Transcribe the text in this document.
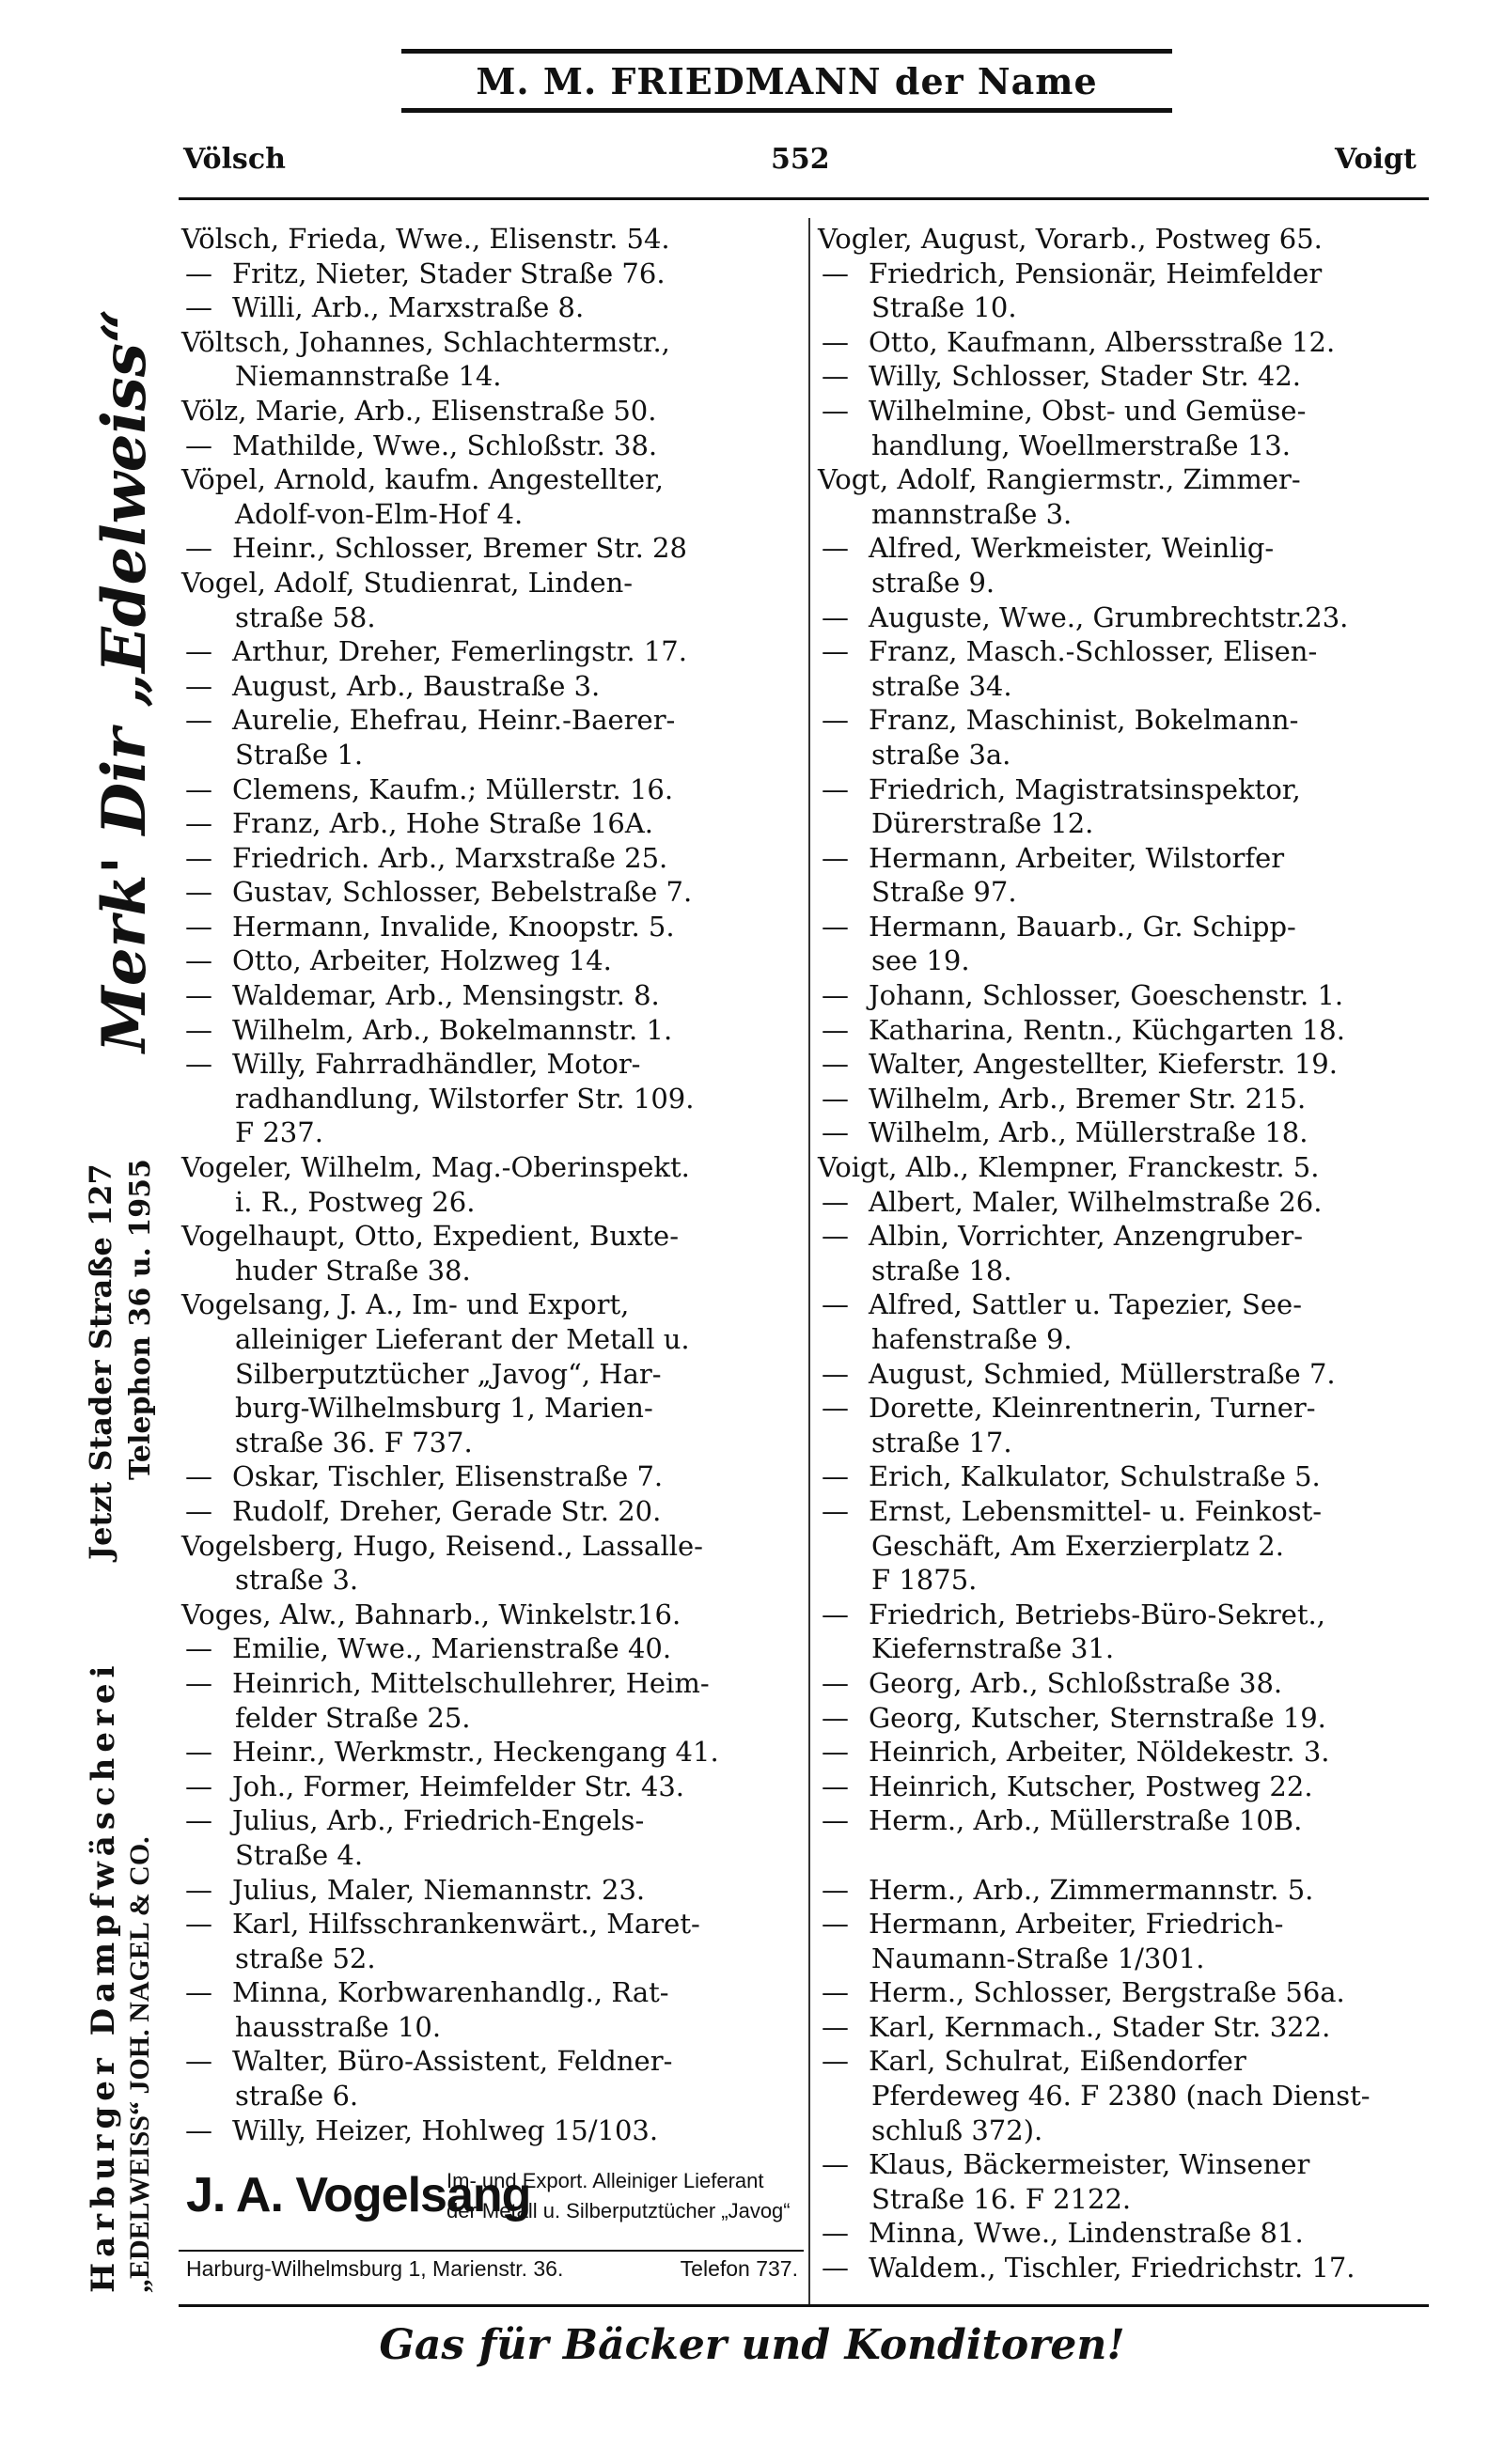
M. M. FRIEDMANN der Name
Völsch	552	Voigt
Merk' Dir „Edelweiss“
Jetzt Stader Straße 127 Telephon 36 u. 1955
Harburger Dampfwäscherei „EDELWEISS“ JOH. NAGEL & CO.
Völsch, Frieda, Wwe., Elisenstr. 54.
— Fritz, Nieter, Stader Straße 76.
— Willi, Arb., Marxstraße 8.
Völtsch, Johannes, Schlachtermstr.,
Niemannstraße 14.
Völz, Marie, Arb., Elisenstraße 50.
— Mathilde, Wwe., Schloßstr. 38.
Vöpel, Arnold, kaufm. Angestellter,
Adolf-von-Elm-Hof 4.
— Heinr., Schlosser, Bremer Str. 28
Vogel, Adolf, Studienrat, Linden-
straße 58.
— Arthur, Dreher, Femerlingstr. 17.
— August, Arb., Baustraße 3.
— Aurelie, Ehefrau, Heinr.-Baerer-
Straße 1.
— Clemens, Kaufm.; Müllerstr. 16.
— Franz, Arb., Hohe Straße 16A.
— Friedrich. Arb., Marxstraße 25.
— Gustav, Schlosser, Bebelstraße 7.
— Hermann, Invalide, Knoopstr. 5.
— Otto, Arbeiter, Holzweg 14.
— Waldemar, Arb., Mensingstr. 8.
— Wilhelm, Arb., Bokelmannstr. 1.
— Willy, Fahrradhändler, Motor-
radhandlung, Wilstorfer Str. 109.
F 237.
Vogeler, Wilhelm, Mag.-Oberinspekt.
i. R., Postweg 26.
Vogelhaupt, Otto, Expedient, Buxte-
huder Straße 38.
Vogelsang, J. A., Im- und Export,
alleiniger Lieferant der Metall u.
Silberputztücher „Javog“, Har-
burg-Wilhelmsburg 1, Marien-
straße 36. F 737.
— Oskar, Tischler, Elisenstraße 7.
— Rudolf, Dreher, Gerade Str. 20.
Vogelsberg, Hugo, Reisend., Lassalle-
straße 3.
Voges, Alw., Bahnarb., Winkelstr.16.
— Emilie, Wwe., Marienstraße 40.
— Heinrich, Mittelschullehrer, Heim-
felder Straße 25.
— Heinr., Werkmstr., Heckengang 41.
— Joh., Former, Heimfelder Str. 43.
— Julius, Arb., Friedrich-Engels-
Straße 4.
— Julius, Maler, Niemannstr. 23.
— Karl, Hilfsschrankenwärt., Maret-
straße 52.
— Minna, Korbwarenhandlg., Rat-
hausstraße 10.
— Walter, Büro-Assistent, Feldner-
straße 6.
— Willy, Heizer, Hohlweg 15/103.
Vogler, August, Vorarb., Postweg 65.
— Friedrich, Pensionär, Heimfelder
Straße 10.
— Otto, Kaufmann, Albersstraße 12.
— Willy, Schlosser, Stader Str. 42.
— Wilhelmine, Obst- und Gemüse-
handlung, Woellmerstraße 13.
Vogt, Adolf, Rangiermstr., Zimmer-
mannstraße 3.
— Alfred, Werkmeister, Weinlig-
straße 9.
— Auguste, Wwe., Grumbrechtstr.23.
— Franz, Masch.-Schlosser, Elisen-
straße 34.
— Franz, Maschinist, Bokelmann-
straße 3a.
— Friedrich, Magistratsinspektor,
Dürerstraße 12.
— Hermann, Arbeiter, Wilstorfer
Straße 97.
— Hermann, Bauarb., Gr. Schipp-
see 19.
— Johann, Schlosser, Goeschenstr. 1.
— Katharina, Rentn., Küchgarten 18.
— Walter, Angestellter, Kieferstr. 19.
— Wilhelm, Arb., Bremer Str. 215.
— Wilhelm, Arb., Müllerstraße 18.
Voigt, Alb., Klempner, Franckestr. 5.
— Albert, Maler, Wilhelmstraße 26.
— Albin, Vorrichter, Anzengruber-
straße 18.
— Alfred, Sattler u. Tapezier, See-
hafenstraße 9.
— August, Schmied, Müllerstraße 7.
— Dorette, Kleinrentnerin, Turner-
straße 17.
— Erich, Kalkulator, Schulstraße 5.
— Ernst, Lebensmittel- u. Feinkost-
Geschäft, Am Exerzierplatz 2.
F 1875.
— Friedrich, Betriebs-Büro-Sekret.,
Kiefernstraße 31.
— Georg, Arb., Schloßstraße 38.
— Georg, Kutscher, Sternstraße 19.
— Heinrich, Arbeiter, Nöldekestr. 3.
— Heinrich, Kutscher, Postweg 22.
— Herm., Arb., Müllerstraße 10B.
— Herm., Arb., Zimmermannstr. 5.
— Hermann, Arbeiter, Friedrich-
Naumann-Straße 1/301.
— Herm., Schlosser, Bergstraße 56a.
— Karl, Kernmach., Stader Str. 322.
— Karl, Schulrat, Eißendorfer
Pferdeweg 46. F 2380 (nach Dienst-
schluß 372).
— Klaus, Bäckermeister, Winsener
Straße 16. F 2122.
— Minna, Wwe., Lindenstraße 81.
— Waldem., Tischler, Friedrichstr. 17.
J. A. Vogelsang
Im- und Export. Alleiniger Lieferant
der Metall u. Silberputztücher „Javog“
Harburg-Wilhelmsburg 1, Marienstr. 36.	Telefon 737.
Gas für Bäcker und Konditoren!
